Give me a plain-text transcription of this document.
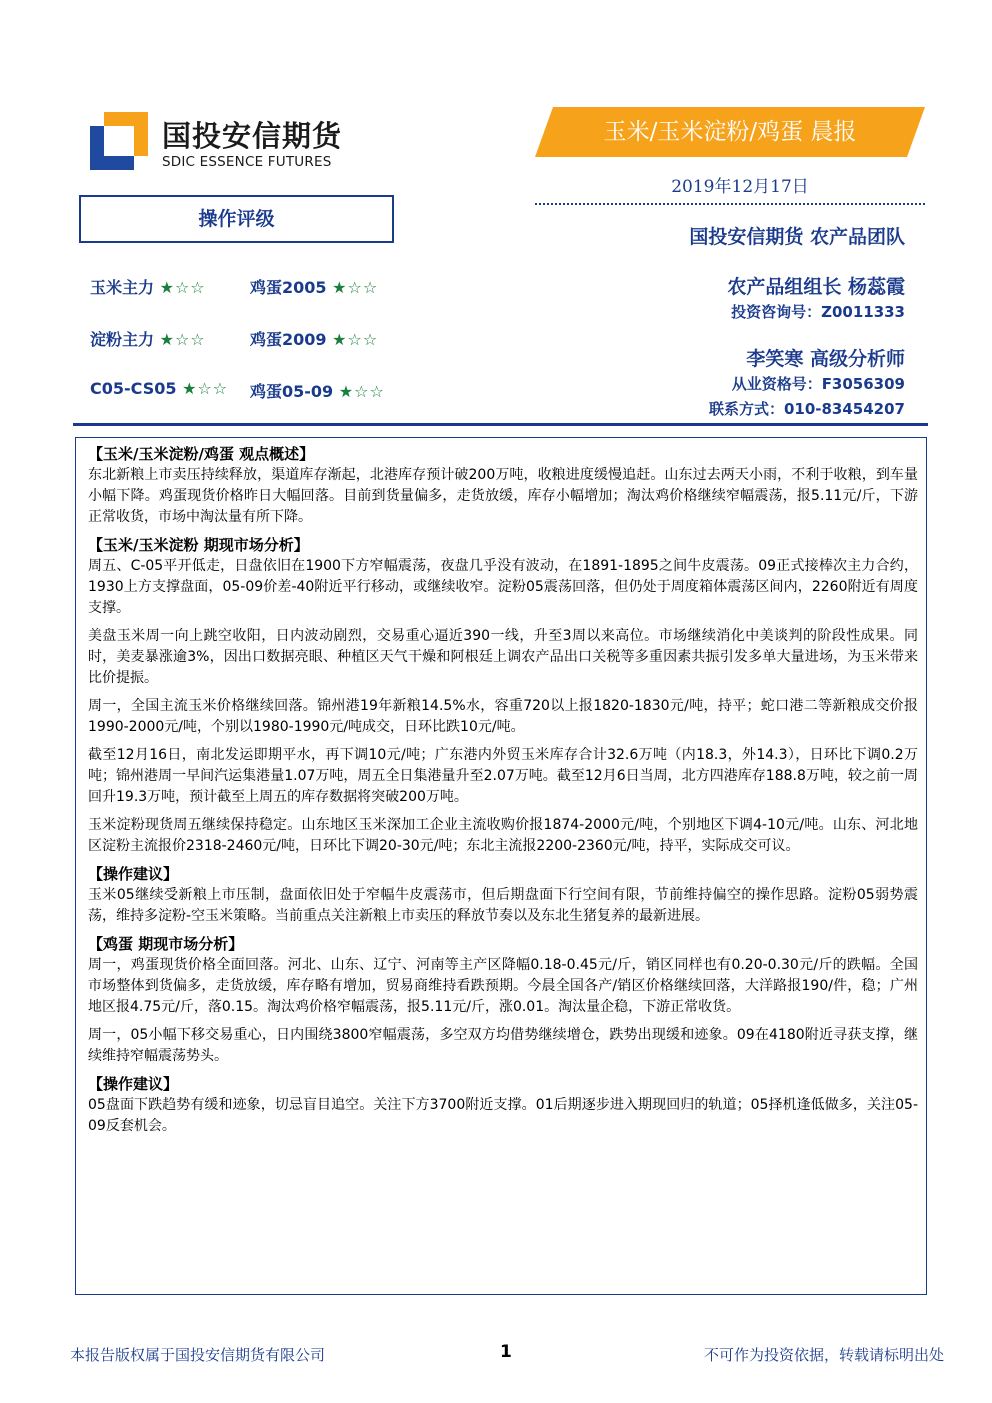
国投安信期货
SDIC ESSENCE FUTURES
玉米/玉米淀粉/鸡蛋 晨报
2019年12月17日
操作评级
玉米主力 ★☆☆	鸡蛋2005 ★☆☆
淀粉主力 ★☆☆	鸡蛋2009 ★☆☆
C05-CS05 ★☆☆ 鸡蛋05-09 ★☆☆
国投安信期货 农产品团队
农产品组组长 杨蕊霞
投资咨询号：Z0011333
李笑寒 高级分析师
从业资格号：F3056309
联系方式：010-83454207
【玉米/玉米淀粉/鸡蛋 观点概述】
东北新粮上市卖压持续释放，渠道库存渐起，北港库存预计破200万吨，收粮进度缓慢追赶。山东过去两天小雨，不利于收粮，到车量小幅下降。鸡蛋现货价格昨日大幅回落。目前到货量偏多，走货放缓，库存小幅增加；淘汰鸡价格继续窄幅震荡，报5.11元/斤，下游正常收货，市场中淘汰量有所下降。
【玉米/玉米淀粉 期现市场分析】
周五、C-05平开低走，日盘依旧在1900下方窄幅震荡，夜盘几乎没有波动，在1891-1895之间牛皮震荡。09正式接棒次主力合约，1930上方支撑盘面，05-09价差-40附近平行移动，或继续收窄。淀粉05震荡回落，但仍处于周度箱体震荡区间内，2260附近有周度支撑。
美盘玉米周一向上跳空收阳，日内波动剧烈，交易重心逼近390一线，升至3周以来高位。市场继续消化中美谈判的阶段性成果。同时，美麦暴涨逾3%，因出口数据亮眼、种植区天气干燥和阿根廷上调农产品出口关税等多重因素共振引发多单大量进场，为玉米带来比价提振。
周一，全国主流玉米价格继续回落。锦州港19年新粮14.5%水，容重720以上报1820-1830元/吨，持平；蛇口港二等新粮成交价报1990-2000元/吨，个别以1980-1990元/吨成交，日环比跌10元/吨。
截至12月16日，南北发运即期平水，再下调10元/吨；广东港内外贸玉米库存合计32.6万吨（内18.3，外14.3），日环比下调0.2万吨；锦州港周一早间汽运集港量1.07万吨，周五全日集港量升至2.07万吨。截至12月6日当周，北方四港库存188.8万吨，较之前一周回升19.3万吨，预计截至上周五的库存数据将突破200万吨。
玉米淀粉现货周五继续保持稳定。山东地区玉米深加工企业主流收购价报1874-2000元/吨，个别地区下调4-10元/吨。山东、河北地区淀粉主流报价2318-2460元/吨，日环比下调20-30元/吨；东北主流报2200-2360元/吨，持平，实际成交可议。
【操作建议】
玉米05继续受新粮上市压制，盘面依旧处于窄幅牛皮震荡市，但后期盘面下行空间有限，节前维持偏空的操作思路。淀粉05弱势震荡，维持多淀粉-空玉米策略。当前重点关注新粮上市卖压的释放节奏以及东北生猪复养的最新进展。
【鸡蛋 期现市场分析】
周一，鸡蛋现货价格全面回落。河北、山东、辽宁、河南等主产区降幅0.18-0.45元/斤，销区同样也有0.20-0.30元/斤的跌幅。全国市场整体到货偏多，走货放缓，库存略有增加，贸易商维持看跌预期。今晨全国各产/销区价格继续回落，大洋路报190/件，稳；广州地区报4.75元/斤，落0.15。淘汰鸡价格窄幅震荡，报5.11元/斤，涨0.01。淘汰量企稳，下游正常收货。
周一，05小幅下移交易重心，日内围绕3800窄幅震荡，多空双方均借势继续增仓，跌势出现缓和迹象。09在4180附近寻获支撑，继续维持窄幅震荡势头。
【操作建议】
05盘面下跌趋势有缓和迹象，切忌盲目追空。关注下方3700附近支撑。01后期逐步进入期现回归的轨道；05择机逢低做多，关注05-09反套机会。
本报告版权属于国投安信期货有限公司	1	不可作为投资依据，转载请标明出处
